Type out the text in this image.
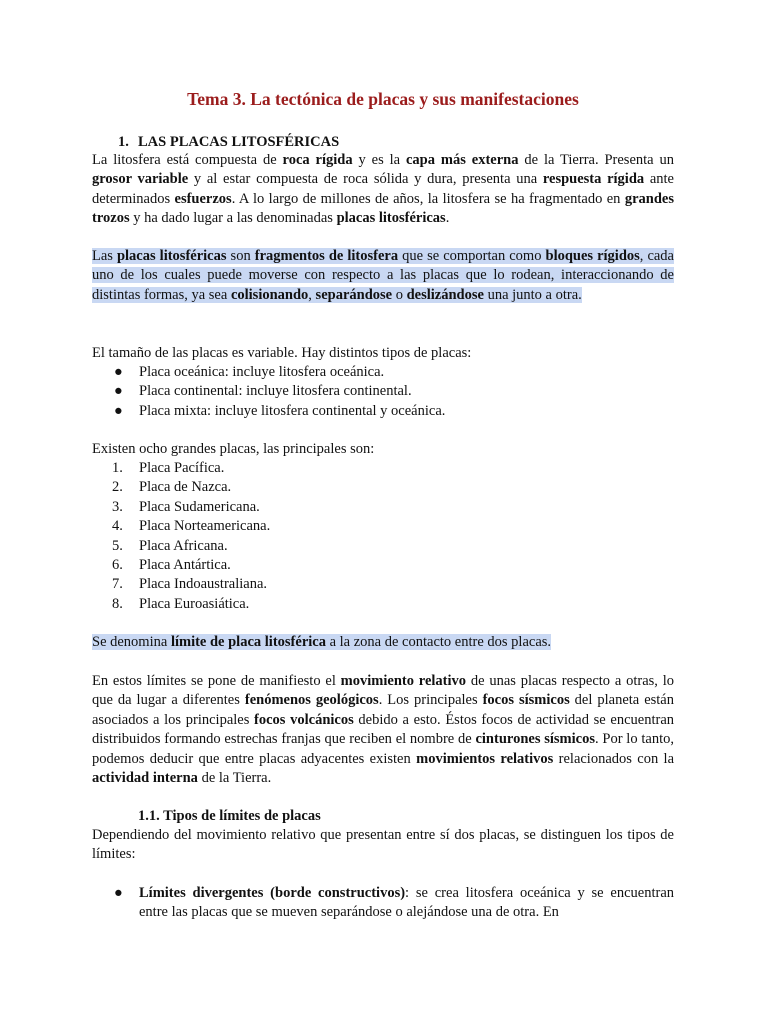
Tema 3. La tectónica de placas y sus manifestaciones
1. LAS PLACAS LITOSFÉRICAS
La litosfera está compuesta de roca rígida y es la capa más externa de la Tierra. Presenta un grosor variable y al estar compuesta de roca sólida y dura, presenta una respuesta rígida ante determinados esfuerzos. A lo largo de millones de años, la litosfera se ha fragmentado en grandes trozos y ha dado lugar a las denominadas placas litosféricas.
Las placas litosféricas son fragmentos de litosfera que se comportan como bloques rígidos, cada uno de los cuales puede moverse con respecto a las placas que lo rodean, interaccionando de distintas formas, ya sea colisionando, separándose o deslizándose una junto a otra.
El tamaño de las placas es variable. Hay distintos tipos de placas:
●	Placa oceánica: incluye litosfera oceánica.
●	Placa continental: incluye litosfera continental.
●	Placa mixta: incluye litosfera continental y oceánica.
Existen ocho grandes placas, las principales son:
1.	Placa Pacífica.
2.	Placa de Nazca.
3.	Placa Sudamericana.
4.	Placa Norteamericana.
5.	Placa Africana.
6.	Placa Antártica.
7.	Placa Indoaustraliana.
8.	Placa Euroasiática.
Se denomina límite de placa litosférica a la zona de contacto entre dos placas.
En estos límites se pone de manifiesto el movimiento relativo de unas placas respecto a otras, lo que da lugar a diferentes fenómenos geológicos. Los principales focos sísmicos del planeta están asociados a los principales focos volcánicos debido a esto. Éstos focos de actividad se encuentran distribuidos formando estrechas franjas que reciben el nombre de cinturones sísmicos. Por lo tanto, podemos deducir que entre placas adyacentes existen movimientos relativos relacionados con la actividad interna de la Tierra.
1.1. Tipos de límites de placas
Dependiendo del movimiento relativo que presentan entre sí dos placas, se distinguen los tipos de límites:
● Límites divergentes (borde constructivos): se crea litosfera oceánica y se encuentran entre las placas que se mueven separándose o alejándose una de otra. En
